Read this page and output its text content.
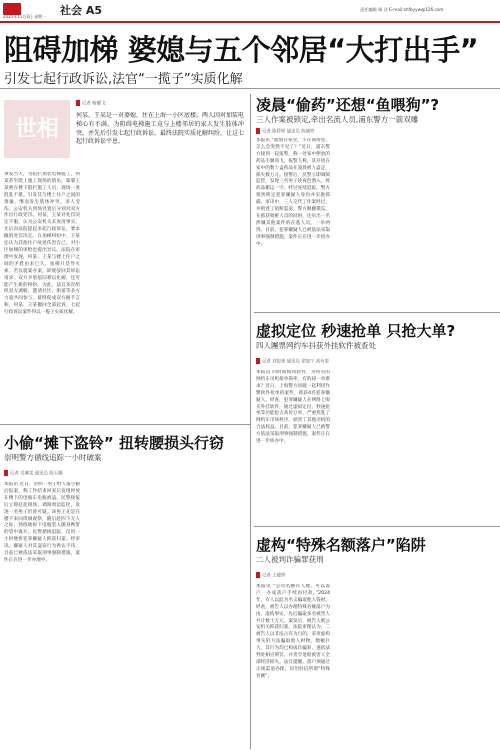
2025年11月3日 星期一 社会 A5	责任编辑 杨 洁 E-mail:zhfbyyw@126.com
阻碍加梯 婆媳与五个邻居“大打出手”
引发七起行政诉讼,法官“一揽子”实质化解
世相
记者 杨耀飞
何某、王某是一对婆媳，住在上海一小区底楼。两人因对加装电梯心有不满，为阻碍电梯施工竟与上楼邻居的家人发生肢体冲突，并先后引发七起行政诉讼。最终法院实质化解纠纷，让这七起行政诉讼平息。
事发当天，为阻拦加装电梯施工，何某甚至爬上施工现场的塔吊，婆婆王某则在楼下阻拦施工人员，现场一度混乱不堪。引发其与楼上住户之间的推搡，继而发生肢体冲突，多人受伤。公安机关到场处置后分别对双方作出行政处罚。何某、王某对处罚决定不服，认为公安机关未查清事实，先后向法院提起多起行政诉讼，要求撤销处罚决定。在加梯纠纷中，王某还认为其他住户故意伤害自己，对小区加梯的审批也提出异议。法院在审理中发现，何某、王某与楼上住户之间的矛盾由来已久，加梯只是导火索。若仅就案办案，即使驳回其诉讼请求，双方矛盾依旧难以化解，还可能产生新的纠纷。为此，法官多次组织双方调解，邀请社区、街道等多方力量共同参与，最终促成双方握手言和，何某、王某撤回全部起诉，七起行政诉讼案件得以一揽子实质化解。
凌晨“偷药”还想“鱼喂狗”?
三人作案被锁定,牵出名流人员,浦东警方一箭双雕
记者 陈娇婷 通讯员 陈晓婷
本报讯 “就放在家里，不在商场里，怎么会突然不见了？”近日，浦东警方接到一起报警，称一处家中摆放的药品不翼而飞。报警人称，其存放在家中的数十盒药品在凌晨被人盗走，损失数万元。接警后，民警立即调阅监控，发现三名男子趁夜色潜入，将药品搬运一空。经过连续追踪，警方很快锁定犯罪嫌疑人身份并实施抓捕。审讯中，三人交代了作案经过，并供述了销赃渠道。警方顺藤摸瓜，在抓获收赃人员的同时，还牵出一名涉嫌其他案件的在逃人员，一举两得。目前，犯罪嫌疑人已被依法采取刑事强制措施，案件正在进一步侦办中。
虚拟定位 秒速抢单 只抢大单?
四人團票网约车抖获外挂软件被查处
记者 刘思豪 通讯员 诺加宁 高有泰
本报讯 同时间相同软件，为何有的网约车司机接单频率，有的却一单难求？近日，上海警方侦破一起利用作弊软件抢单的案件，抓获4名犯罪嫌疑人。经查，犯罪嫌疑人在网络上购买外挂软件，通过虚拟定位、秒速抢单等功能抢占高价订单，严重扰乱了网约车市场秩序，损害了其他司机的合法权益。目前，犯罪嫌疑人已被警方依法采取刑事强制措施，案件正在进一步侦办中。
虚构“特殊名额落户”陷阱
二人被判诈骗罪获刑
记者 王婕婷
本报讯 “公司名额有人脉，可以落户，办成落户手续再付款。”2024年，有人以此为名义骗取他人钱财。经查，被告人以办理特殊名额落户为由，虚构事实，先后骗取多名被害人共计数十万元。案发后，被告人被公安机关抓获归案。法院审理认为，二被告人以非法占有为目的，采用虚构事实的方法骗取他人财物，数额巨大，其行为均已构成诈骗罪，遂依法判处相应刑罚，并责令退赔被害人全部经济损失。法官提醒，落户须通过正规渠道办理，切勿轻信所谓“特殊名额”。
小偷“摊下盗铃” 扭转腰损头行窃
崇明警方循线追踪一小时破案
记者 吴琳雯 通讯员 陈玉娜
本报讯 近日，崇明一男子给人报小偷后报案，称工作结束回家后发现停放在楼下的电瓶车电瓶被盗。民警接报后立即赶赴现场，调阅周边监控，发现一名男子形迹可疑。该男子先是在楼下来回徘徊观察，随后趁四下无人之际，熟练地拆下电瓶装入随身携带的袋中离开。民警循线追踪，仅用一小时便将犯罪嫌疑人抓获归案。经审讯，嫌疑人对其盗窃行为供认不讳，目前已被依法采取刑事强制措施，案件正在进一步办理中。
